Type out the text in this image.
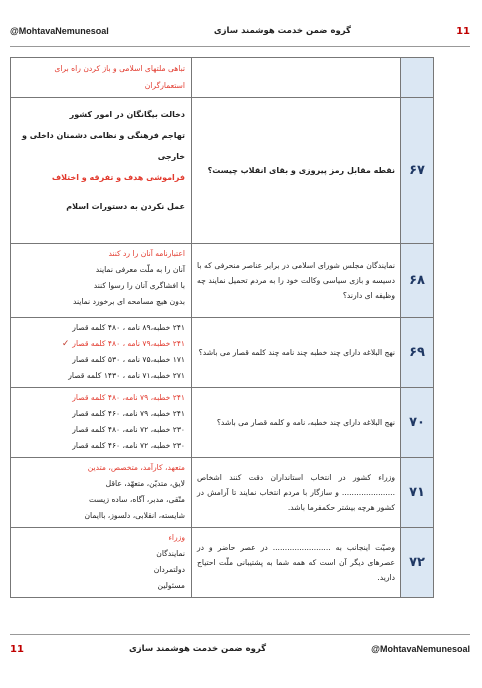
@MohtavaNemunesoal	گروه ضمن خدمت هوشمند سازی	11

		تباهی ملتهای اسلامی و باز کردن راه برای
استعمارگران

۶۷	نقطه مقابل رمز پیروزی و بقای انقلاب چیست؟	دخالت بیگانگان در امور کشور
تهاجم فرهنگی و نظامی دشمنان داخلی و
خارجی
فراموشی هدف و تفرقه و اختلاف
عمل نکردن به دستورات اسلام

۶۸	نمایندگان مجلس شورای اسلامی در برابر عناصر منحرفی که با دسیسه و بازی سیاسی وکالت خود را به مردم تحمیل نمایند چه وظیفه ای دارند؟	اعتبارنامه آنان را رد کنند
آنان را به ملّت معرفی نمایند
با افشاگری آنان را رسوا کنند
بدون هیچ مسامحه ای برخورد نمایند

۶۹	نهج البلاغه دارای چند خطبه چند نامه چند کلمه قصار می باشد؟	۲۴۱ خطبه،۸۹ نامه ، ۴۸۰ کلمه قصار
۲۴۱ خطبه،۷۹ نامه ، ۴۸۰ کلمه قصار ✓
۱۷۱ خطبه،۷۵ نامه ، ۵۳۰ کلمه قصار
۲۷۱ خطبه،۷۱ نامه ، ۱۴۳۰ کلمه قصار

۷۰	نهج البلاغه دارای چند خطبه، نامه و کلمه قصار می باشد؟	۲۴۱ خطبه، ۷۹ نامه، ۴۸۰ کلمه قصار
۲۴۱ خطبه، ۷۹ نامه، ۴۶۰ کلمه قصار
۲۳۰ خطبه، ۷۲ نامه، ۴۸۰ کلمه قصار
۲۳۰ خطبه، ۷۲ نامه، ۴۶۰ کلمه قصار

۷۱	وزراء کشور در انتخاب استانداران دقت کنند اشخاص ...................... و سازگار با مردم انتخاب نمایند تا آرامش در کشور هرچه بیشتر حکمفرما باشد.	متعهد، کارآمد، متخصص، متدین
لایق، متدیّن، متعهّد، عاقل
متّقی، مدبر، آگاه، ساده زیست
شایسته، انقلابی، دلسوز، باایمان

۷۲	وصیّت اینجانب به ........................ در عصر حاضر و در عصرهای دیگر آن است که همه شما به پشتیبانی ملّت احتیاج دارید.	وزراء
نمایندگان
دولتمردان
مسئولین
11	گروه ضمن خدمت هوشمند سازی	@MohtavaNemunesoal
